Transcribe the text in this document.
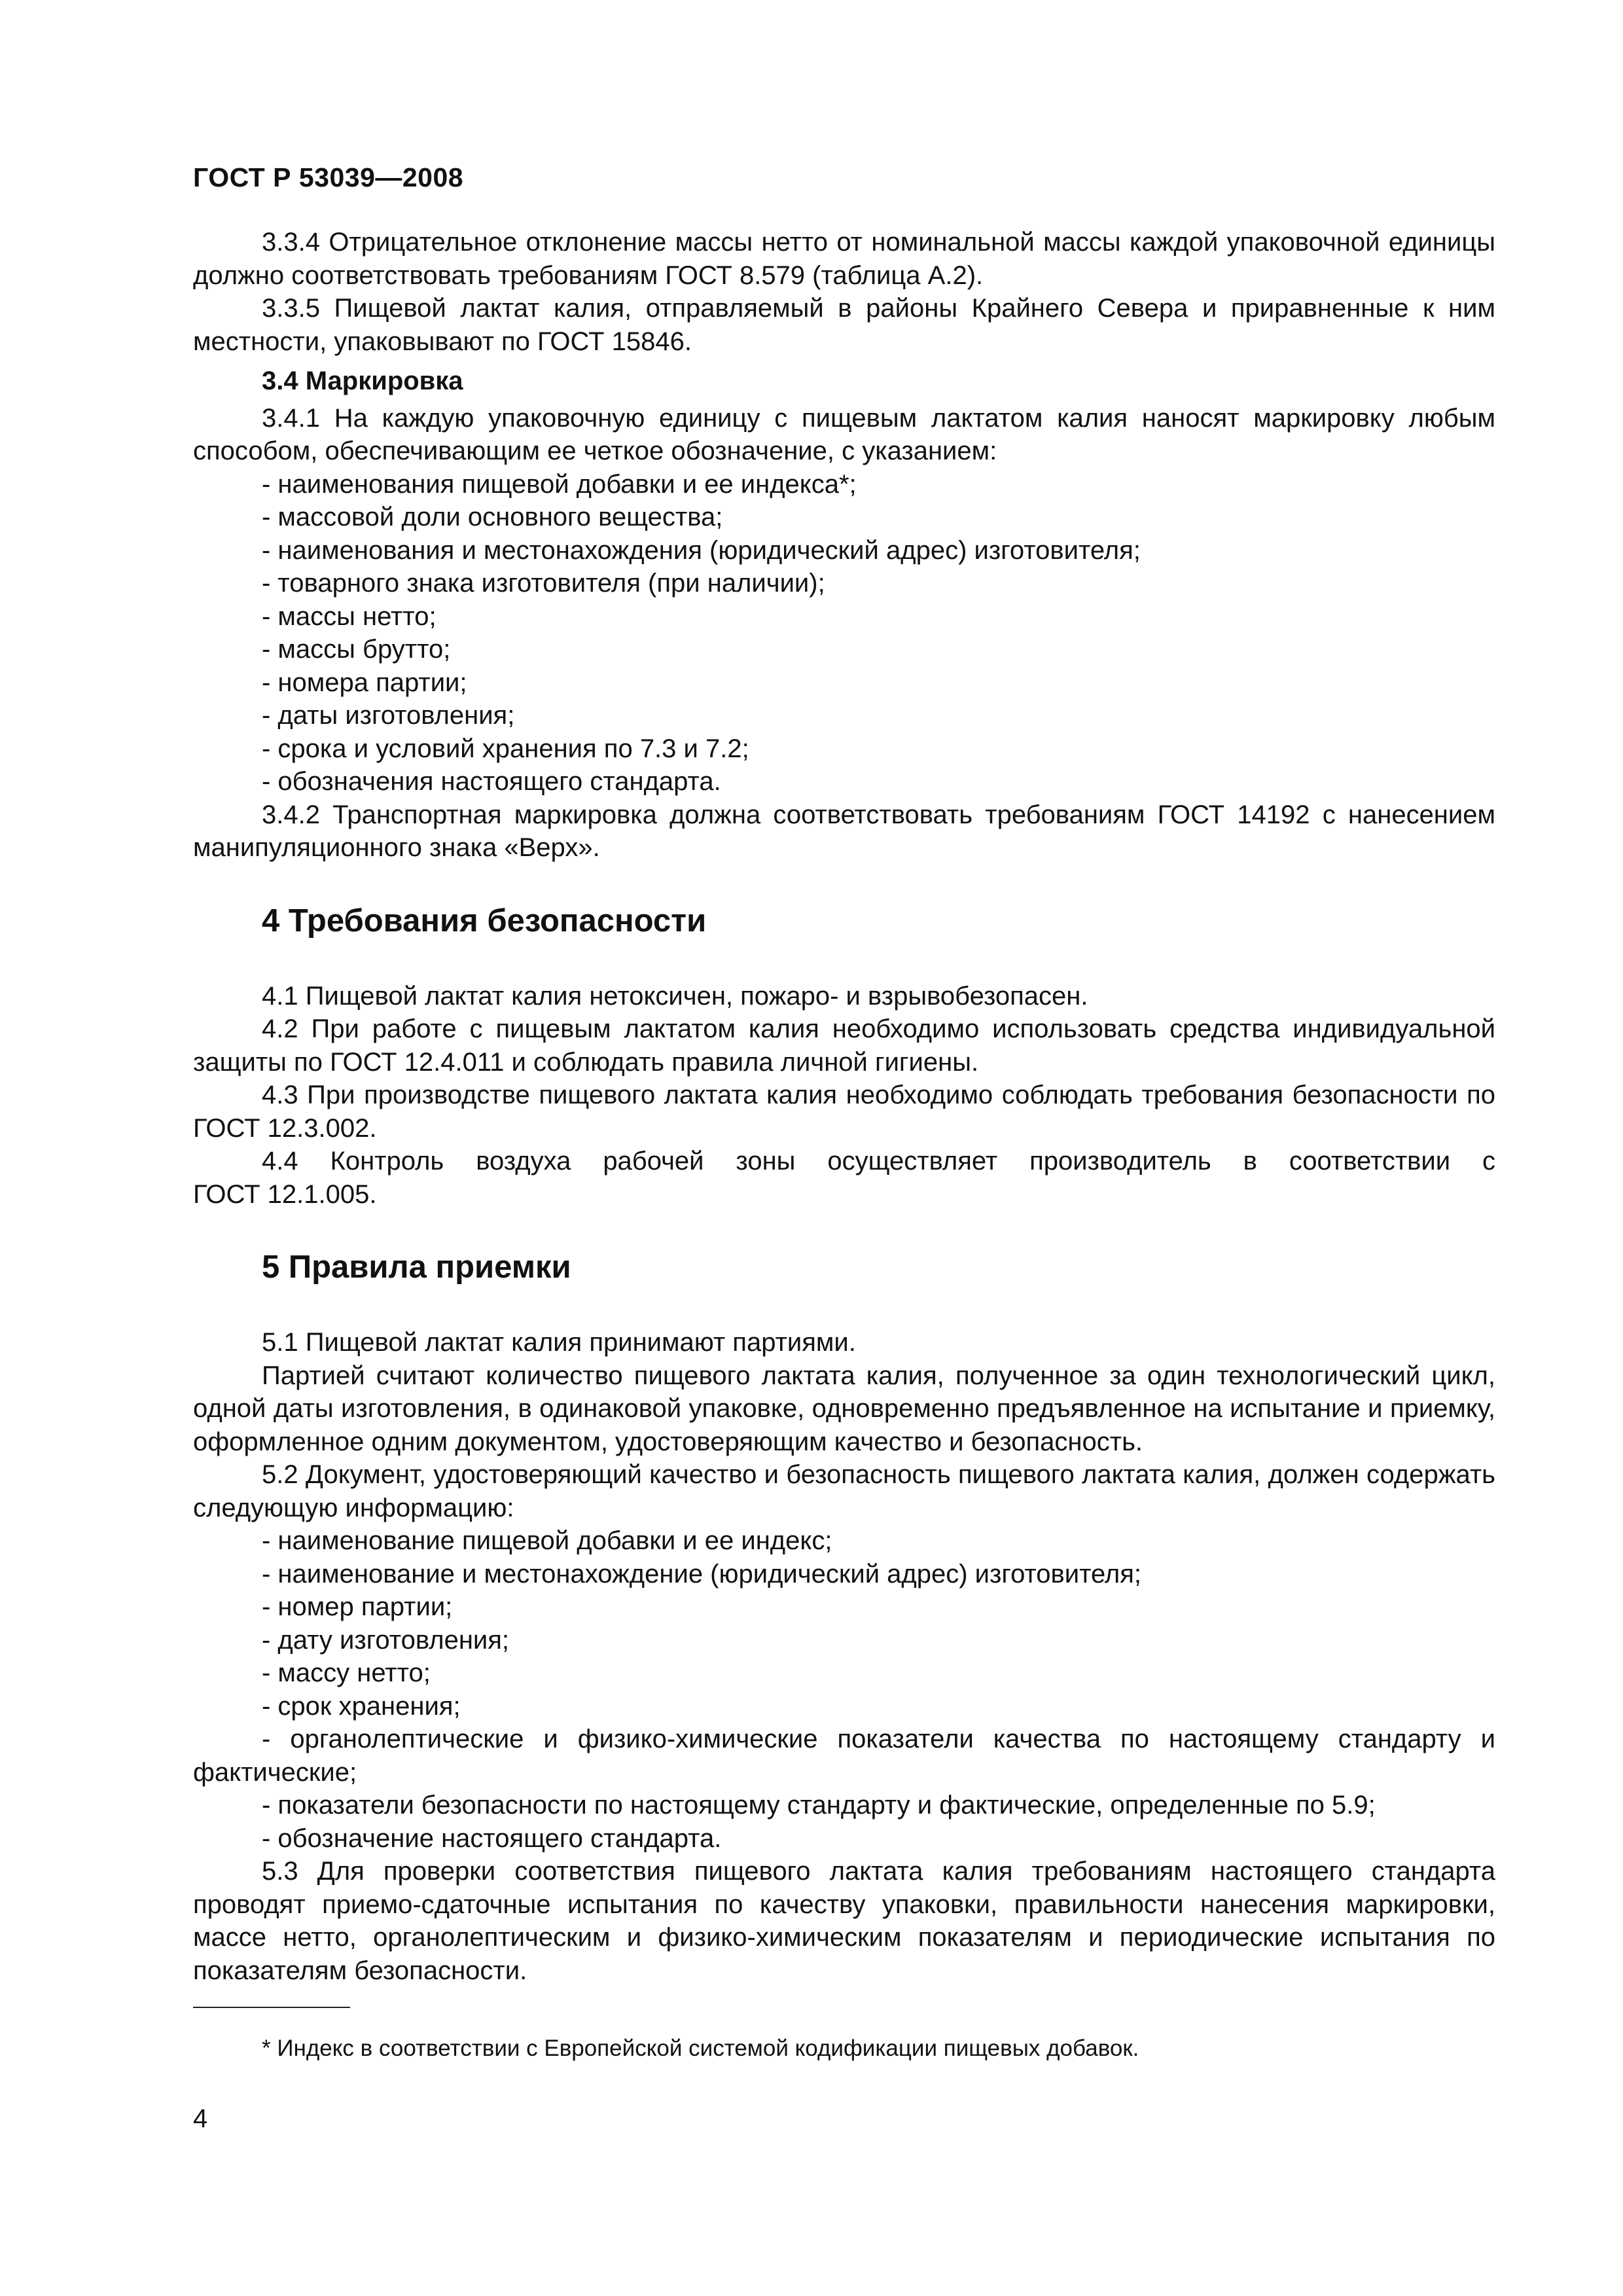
ГОСТ Р 53039—2008

3.3.4 Отрицательное отклонение массы нетто от номинальной массы каждой упаковочной единицы должно соответствовать требованиям ГОСТ 8.579 (таблица А.2).

3.3.5 Пищевой лактат калия, отправляемый в районы Крайнего Севера и приравненные к ним местности, упаковывают по ГОСТ 15846.

3.4 Маркировка

3.4.1 На каждую упаковочную единицу с пищевым лактатом калия наносят маркировку любым способом, обеспечивающим ее четкое обозначение, с указанием:

- наименования пищевой добавки и ее индекса*;

- массовой доли основного вещества;

- наименования и местонахождения (юридический адрес) изготовителя;

- товарного знака изготовителя (при наличии);

- массы нетто;

- массы брутто;

- номера партии;

- даты изготовления;

- срока и условий хранения по 7.3 и 7.2;

- обозначения настоящего стандарта.

3.4.2 Транспортная маркировка должна соответствовать требованиям ГОСТ 14192 с нанесением манипуляционного знака «Верх».

4 Требования безопасности

4.1 Пищевой лактат калия нетоксичен, пожаро- и взрывобезопасен.

4.2 При работе с пищевым лактатом калия необходимо использовать средства индивидуальной защиты по ГОСТ 12.4.011 и соблюдать правила личной гигиены.

4.3 При производстве пищевого лактата калия необходимо соблюдать требования безопасности по ГОСТ 12.3.002.

4.4 Контроль воздуха рабочей зоны осуществляет производитель в соответствии с

ГОСТ 12.1.005.

5 Правила приемки

5.1 Пищевой лактат калия принимают партиями.

Партией считают количество пищевого лактата калия, полученное за один технологический цикл, одной даты изготовления, в одинаковой упаковке, одновременно предъявленное на испытание и приемку, оформленное одним документом, удостоверяющим качество и безопасность.

5.2 Документ, удостоверяющий качество и безопасность пищевого лактата калия, должен содержать следующую информацию:

- наименование пищевой добавки и ее индекс;

- наименование и местонахождение (юридический адрес) изготовителя;

- номер партии;

- дату изготовления;

- массу нетто;

- срок хранения;

- органолептические и физико-химические показатели качества по настоящему стандарту и фактические;

- показатели безопасности по настоящему стандарту и фактические, определенные по 5.9;

- обозначение настоящего стандарта.

5.3 Для проверки соответствия пищевого лактата калия требованиям настоящего стандарта проводят приемо-сдаточные испытания по качеству упаковки, правильности нанесения маркировки, массе нетто, органолептическим и физико-химическим показателям и периодические испытания по показателям безопасности.

* Индекс в соответствии с Европейской системой кодификации пищевых добавок.
4
